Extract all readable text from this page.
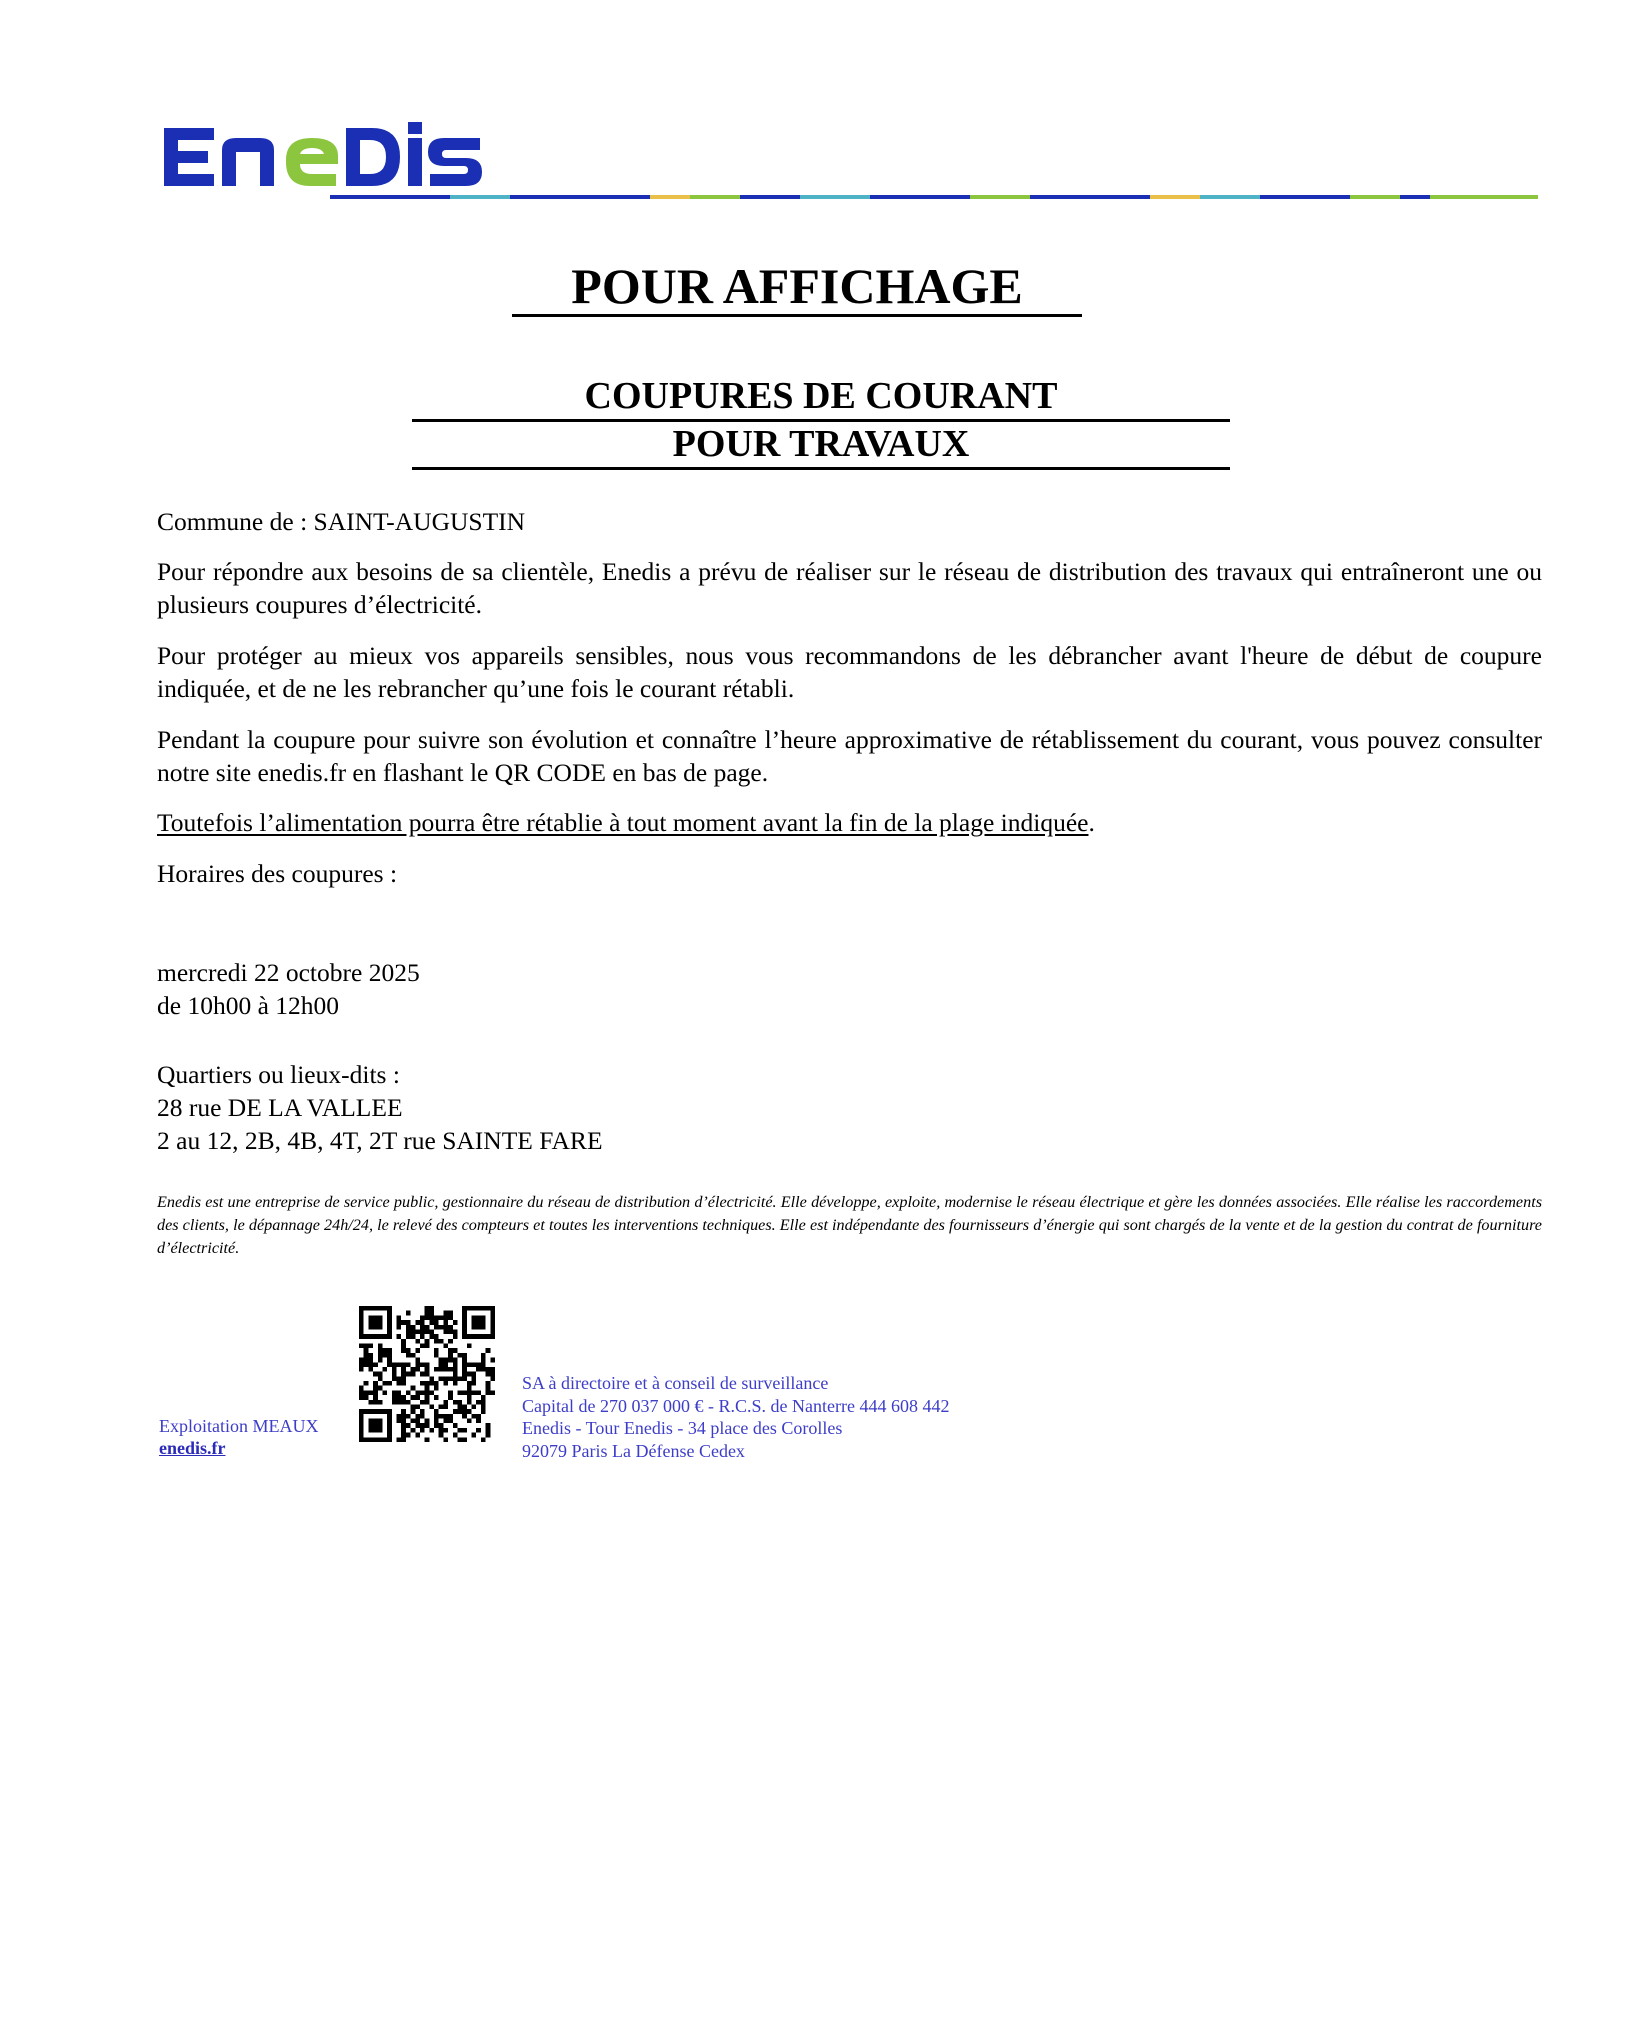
POUR AFFICHAGE
COUPURES DE COURANT
POUR TRAVAUX
Commune de : SAINT-AUGUSTIN
Pour répondre aux besoins de sa clientèle, Enedis a prévu de réaliser sur le réseau de distribution des travaux qui entraîneront une ou plusieurs coupures d’électricité.
Pour protéger au mieux vos appareils sensibles, nous vous recommandons de les débrancher avant l'heure de début de coupure indiquée, et de ne les rebrancher qu’une fois le courant rétabli.
Pendant la coupure pour suivre son évolution et connaître l’heure approximative de rétablissement du courant, vous pouvez consulter notre site enedis.fr en flashant le QR CODE en bas de page.
Toutefois l’alimentation pourra être rétablie à tout moment avant la fin de la plage indiquée.
Horaires des coupures :
mercredi 22 octobre 2025
de 10h00 à 12h00
Quartiers ou lieux-dits :
28 rue DE LA VALLEE
2 au 12, 2B, 4B, 4T, 2T rue SAINTE FARE
Enedis est une entreprise de service public, gestionnaire du réseau de distribution d’électricité. Elle développe, exploite, modernise le réseau électrique et gère les données associées. Elle réalise les raccordements des clients, le dépannage 24h/24, le relevé des compteurs et toutes les interventions techniques. Elle est indépendante des fournisseurs d’énergie qui sont chargés de la vente et de la gestion du contrat de fourniture d’électricité.
Exploitation MEAUX
enedis.fr
SA à directoire et à conseil de surveillance
Capital de 270 037 000 € - R.C.S. de Nanterre 444 608 442
Enedis - Tour Enedis - 34 place des Corolles
92079 Paris La Défense Cedex
